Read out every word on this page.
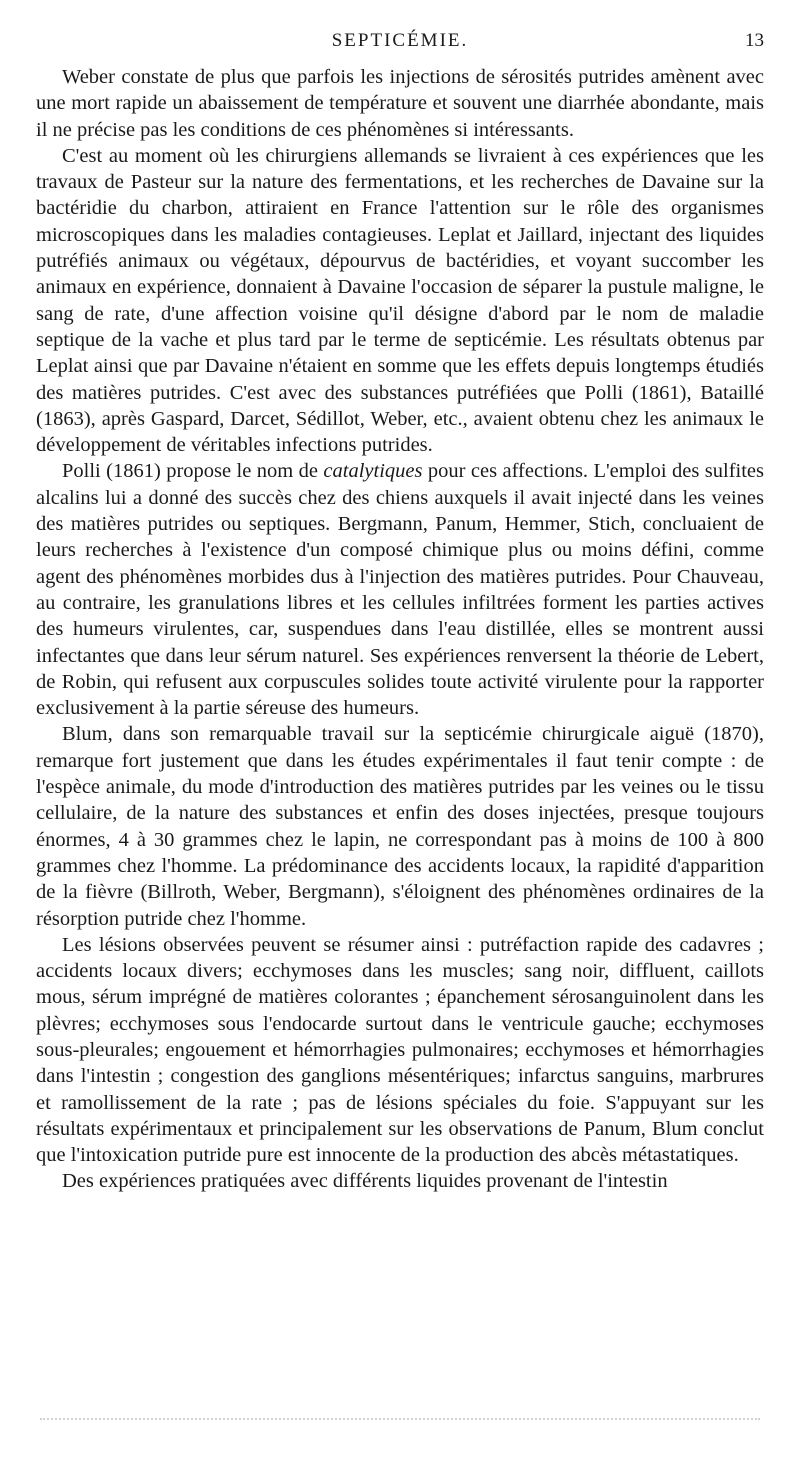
SEPTICÉMIE.	13

Weber constate de plus que parfois les injections de sérosités putrides amènent avec une mort rapide un abaissement de température et souvent une diarrhée abondante, mais il ne précise pas les conditions de ces phénomènes si intéressants.

C'est au moment où les chirurgiens allemands se livraient à ces expériences que les travaux de Pasteur sur la nature des fermentations, et les recherches de Davaine sur la bactéridie du charbon, attiraient en France l'attention sur le rôle des organismes microscopiques dans les maladies contagieuses. Leplat et Jaillard, injectant des liquides putréfiés animaux ou végétaux, dépourvus de bactéridies, et voyant succomber les animaux en expérience, donnaient à Davaine l'occasion de séparer la pustule maligne, le sang de rate, d'une affection voisine qu'il désigne d'abord par le nom de maladie septique de la vache et plus tard par le terme de septicémie. Les résultats obtenus par Leplat ainsi que par Davaine n'étaient en somme que les effets depuis longtemps étudiés des matières putrides. C'est avec des substances putréfiées que Polli (1861), Bataillé (1863), après Gaspard, Darcet, Sédillot, Weber, etc., avaient obtenu chez les animaux le développement de véritables infections putrides.

Polli (1861) propose le nom de catalytiques pour ces affections. L'emploi des sulfites alcalins lui a donné des succès chez des chiens auxquels il avait injecté dans les veines des matières putrides ou septiques. Bergmann, Panum, Hemmer, Stich, concluaient de leurs recherches à l'existence d'un composé chimique plus ou moins défini, comme agent des phénomènes morbides dus à l'injection des matières putrides. Pour Chauveau, au contraire, les granulations libres et les cellules infiltrées forment les parties actives des humeurs virulentes, car, suspendues dans l'eau distillée, elles se montrent aussi infectantes que dans leur sérum naturel. Ses expériences renversent la théorie de Lebert, de Robin, qui refusent aux corpuscules solides toute activité virulente pour la rapporter exclusivement à la partie séreuse des humeurs.

Blum, dans son remarquable travail sur la septicémie chirurgicale aiguë (1870), remarque fort justement que dans les études expérimentales il faut tenir compte : de l'espèce animale, du mode d'introduction des matières putrides par les veines ou le tissu cellulaire, de la nature des substances et enfin des doses injectées, presque toujours énormes, 4 à 30 grammes chez le lapin, ne correspondant pas à moins de 100 à 800 grammes chez l'homme. La prédominance des accidents locaux, la rapidité d'apparition de la fièvre (Billroth, Weber, Bergmann), s'éloignent des phénomènes ordinaires de la résorption putride chez l'homme.

Les lésions observées peuvent se résumer ainsi : putréfaction rapide des cadavres ; accidents locaux divers; ecchymoses dans les muscles; sang noir, diffluent, caillots mous, sérum imprégné de matières colorantes ; épanchement sérosanguinolent dans les plèvres; ecchymoses sous l'endocarde surtout dans le ventricule gauche; ecchymoses sous-pleurales; engouement et hémorrhagies pulmonaires; ecchymoses et hémorrhagies dans l'intestin ; congestion des ganglions mésentériques; infarctus sanguins, marbrures et ramollissement de la rate ; pas de lésions spéciales du foie. S'appuyant sur les résultats expérimentaux et principalement sur les observations de Panum, Blum conclut que l'intoxication putride pure est innocente de la production des abcès métastatiques.

Des expériences pratiquées avec différents liquides provenant de l'intestin
